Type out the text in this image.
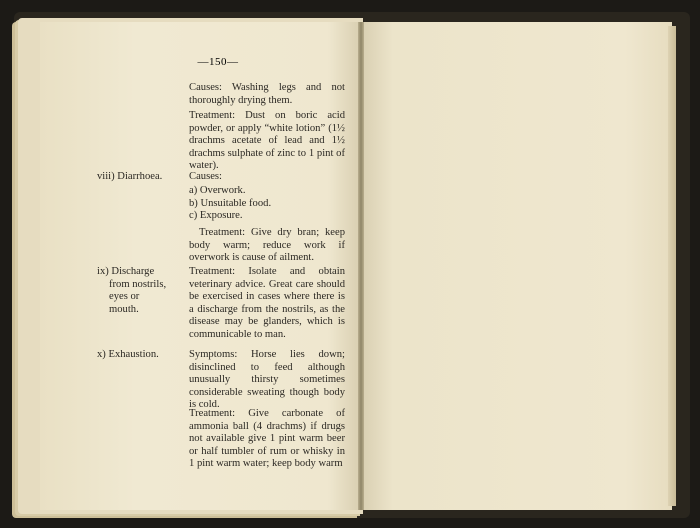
—150—
Causes: Washing legs and not thoroughly drying them.
Treatment: Dust on boric acid powder, or apply “white lotion” (1½ drachms acetate of lead and 1½ drachms sulphate of zinc to 1 pint of water).
viii) Diarrhoea.	Causes:
a) Overwork.
b) Unsuitable food.
c) Exposure.
Treatment: Give dry bran; keep body warm; reduce work if overwork is cause of ailment.
ix) Discharge
from nostrils,
eyes or
mouth.
Treatment: Isolate and obtain veterinary advice. Great care should be exercised in cases where there is a discharge from the nostrils, as the disease may be glanders, which is communicable to man.
x) Exhaustion.	Symptoms: Horse lies down; disinclined to feed although unusually thirsty sometimes considerable sweating though body is cold.
Treatment: Give carbonate of ammonia ball (4 drachms) if drugs not available give 1 pint warm beer or half tumbler of rum or whisky in 1 pint warm water; keep body warm
